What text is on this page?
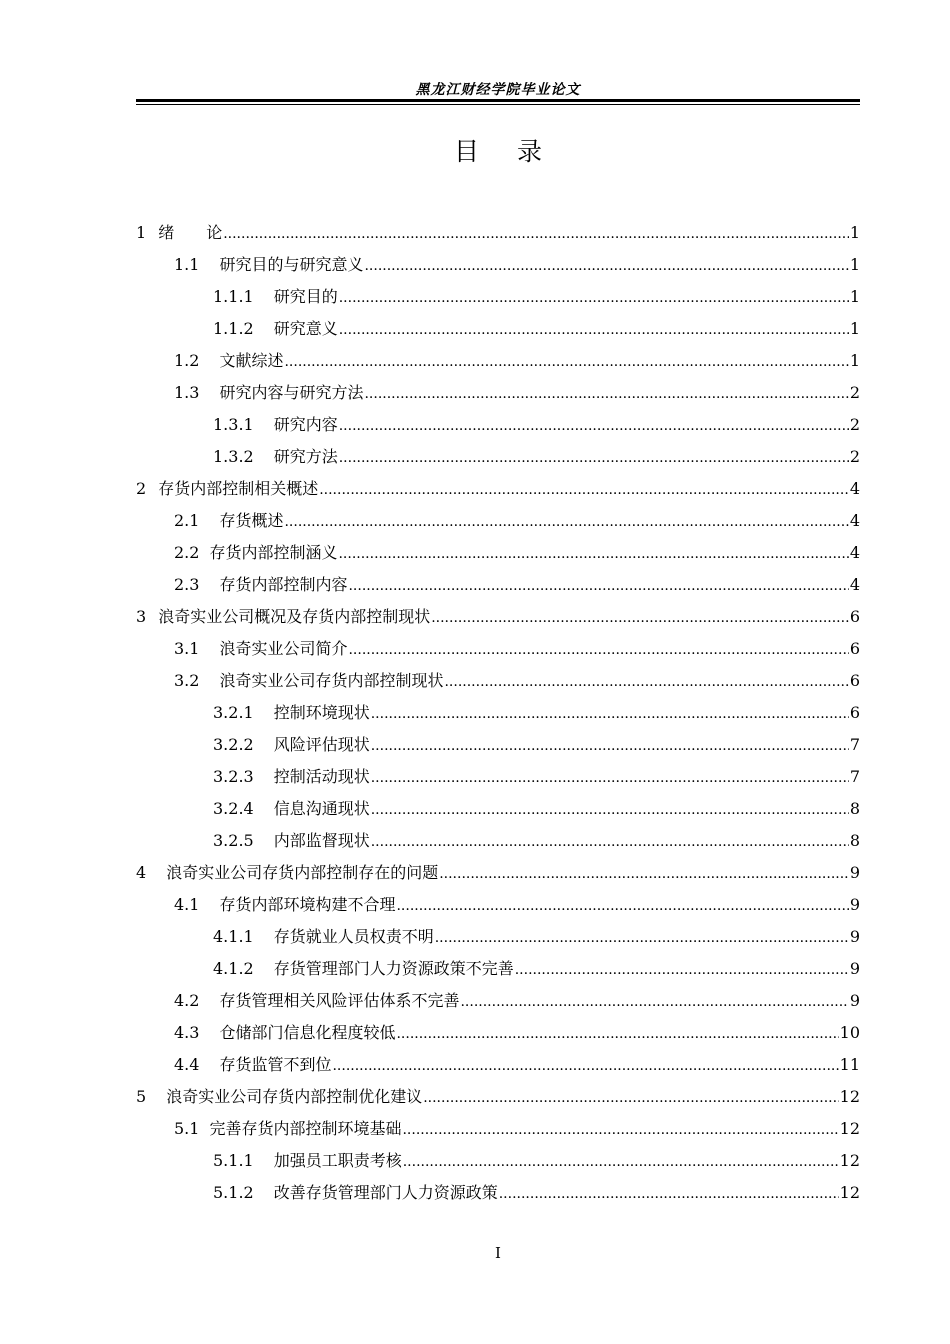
黑龙江财经学院毕业论文
目录
1 绪　　论 .....	1
1.1 研究目的与研究意义 .....	1
1.1.1 研究目的 .....	1
1.1.2 研究意义 .....	1
1.2 文献综述 .....	1
1.3 研究内容与研究方法 .....	2
1.3.1 研究内容 .....	2
1.3.2 研究方法 .....	2
2 存货内部控制相关概述 .....	4
2.1 存货概述 .....	4
2.2 存货内部控制涵义 .....	4
2.3 存货内部控制内容 .....	4
3 浪奇实业公司概况及存货内部控制现状 .....	6
3.1 浪奇实业公司简介 .....	6
3.2 浪奇实业公司存货内部控制现状 .....	6
3.2.1 控制环境现状 .....	6
3.2.2 风险评估现状 .....	7
3.2.3 控制活动现状 .....	7
3.2.4 信息沟通现状 .....	8
3.2.5 内部监督现状 .....	8
4 浪奇实业公司存货内部控制存在的问题 .....	9
4.1 存货内部环境构建不合理 .....	9
4.1.1 存货就业人员权责不明 .....	9
4.1.2 存货管理部门人力资源政策不完善 .....	9
4.2 存货管理相关风险评估体系不完善 .....	9
4.3 仓储部门信息化程度较低 .....	10
4.4 存货监管不到位 .....	11
5 浪奇实业公司存货内部控制优化建议 .....	12
5.1 完善存货内部控制环境基础 .....	12
5.1.1 加强员工职责考核 .....	12
5.1.2 改善存货管理部门人力资源政策 .....	12
I
